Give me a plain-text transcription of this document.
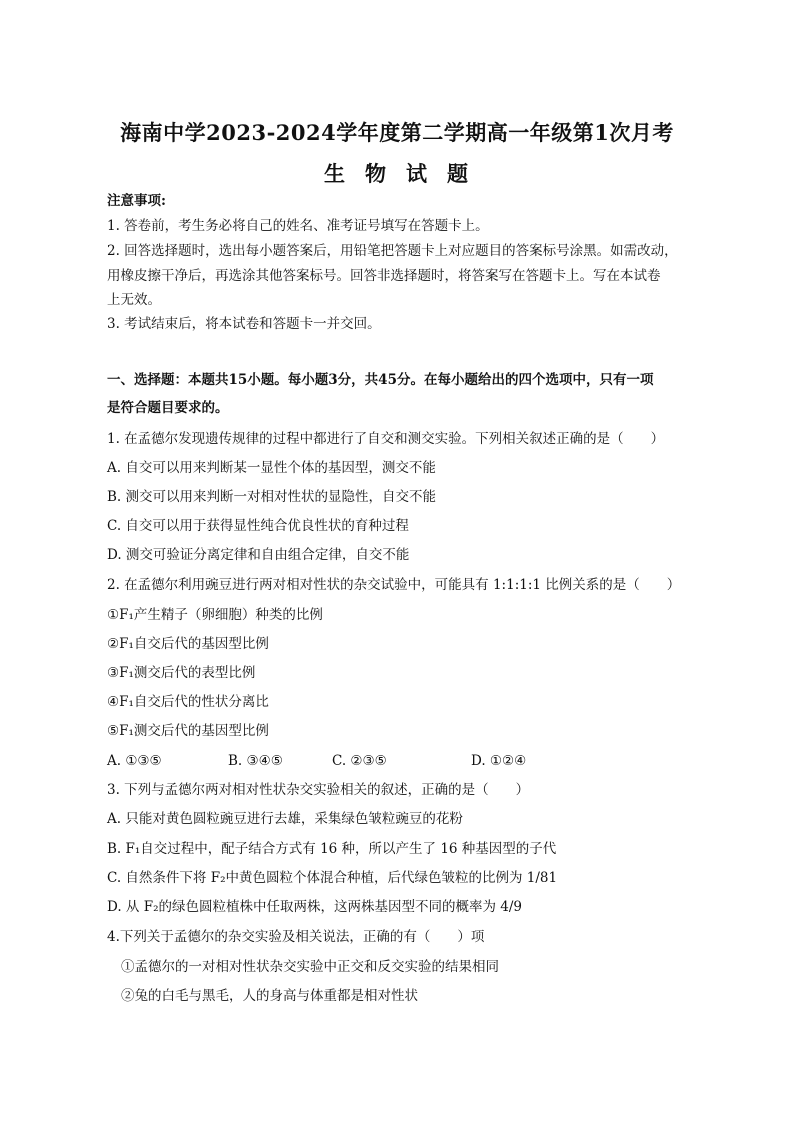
海南中学2023-2024学年度第二学期高一年级第1次月考
生物试题
注意事项:
1. 答卷前，考生务必将自己的姓名、准考证号填写在答题卡上。
2. 回答选择题时，选出每小题答案后，用铅笔把答题卡上对应题目的答案标号涂黑。如需改动，
用橡皮擦干净后，再选涂其他答案标号。回答非选择题时，将答案写在答题卡上。写在本试卷
上无效。
3. 考试结束后，将本试卷和答题卡一并交回。
一、选择题：本题共15小题。每小题3分，共45分。在每小题给出的四个选项中，只有一项
是符合题目要求的。
1. 在孟德尔发现遗传规律的过程中都进行了自交和测交实验。下列相关叙述正确的是（　　）
A. 自交可以用来判断某一显性个体的基因型，测交不能
B. 测交可以用来判断一对相对性状的显隐性，自交不能
C. 自交可以用于获得显性纯合优良性状的育种过程
D. 测交可验证分离定律和自由组合定律，自交不能
2. 在孟德尔利用豌豆进行两对相对性状的杂交试验中，可能具有 1:1:1:1 比例关系的是（　　）
①F₁产生精子（卵细胞）种类的比例
②F₁自交后代的基因型比例
③F₁测交后代的表型比例
④F₁自交后代的性状分离比
⑤F₁测交后代的基因型比例
A. ①③⑤	B. ③④⑤	C. ②③⑤	D. ①②④
3. 下列与孟德尔两对相对性状杂交实验相关的叙述，正确的是（　　）
A. 只能对黄色圆粒豌豆进行去雄，采集绿色皱粒豌豆的花粉
B. F₁自交过程中，配子结合方式有 16 种，所以产生了 16 种基因型的子代
C. 自然条件下将 F₂中黄色圆粒个体混合种植，后代绿色皱粒的比例为 1/81
D. 从 F₂的绿色圆粒植株中任取两株，这两株基因型不同的概率为 4/9
4.下列关于孟德尔的杂交实验及相关说法，正确的有（　　）项
①孟德尔的一对相对性状杂交实验中正交和反交实验的结果相同
②兔的白毛与黑毛，人的身高与体重都是相对性状
